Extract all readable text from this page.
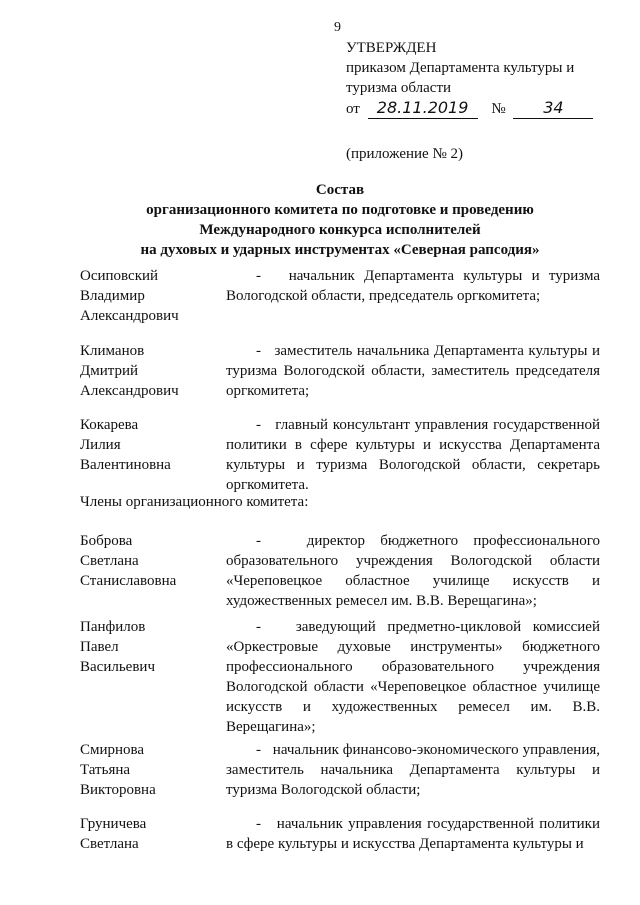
9
УТВЕРЖДЕН
приказом Департамента культуры и
туризма области
от 28.11.2019 № 34
(приложение № 2)
Состав
организационного комитета по подготовке и проведению
Международного конкурса исполнителей
на духовых и ударных инструментах «Северная рапсодия»
Осиповский
Владимир
Александрович
- начальник Департамента культуры и туризма Вологодской области, председатель оргкомитета;
Климанов
Дмитрий
Александрович
- заместитель начальника Департамента культуры и туризма Вологодской области, заместитель председателя оргкомитета;
Кокарева
Лилия
Валентиновна
- главный консультант управления государственной политики в сфере культуры и искусства Департамента культуры и туризма Вологодской области, секретарь оргкомитета.
Члены организационного комитета:
Боброва
Светлана
Станиславовна
-	директор бюджетного профессионального образовательного учреждения Вологодской области «Череповецкое областное училище искусств и художественных ремесел им. В.В. Верещагина»;
Панфилов
Павел
Васильевич
- заведующий предметно-цикловой комиссией «Оркестровые духовые инструменты» бюджетного профессионального образовательного учреждения Вологодской области «Череповецкое областное училище искусств и художественных ремесел им. В.В. Верещагина»;
Смирнова
Татьяна
Викторовна
- начальник финансово-экономического управления, заместитель начальника Департамента культуры и туризма Вологодской области;
Груничева
Светлана
- начальник управления государственной политики в сфере культуры и искусства Департамента культуры и
